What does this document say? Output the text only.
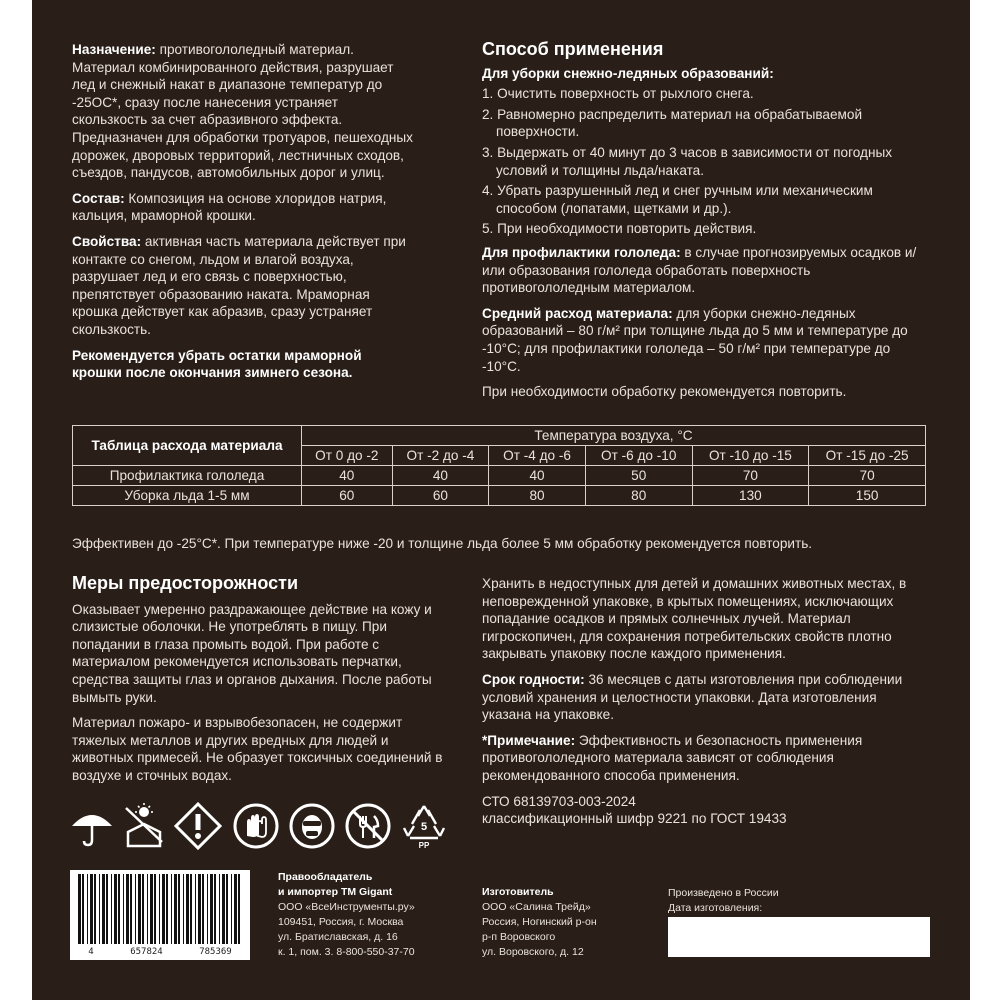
Назначение: противогололедный материал. Материал комбинированного действия, разрушает лед и снежный накат в диапазоне температур до -25ОС*, сразу после нанесения устраняет скользкость за счет абразивного эффекта. Предназначен для обработки тротуаров, пешеходных дорожек, дворовых территорий, лестничных сходов, съездов, пандусов, автомобильных дорог и улиц.

Состав: Композиция на основе хлоридов натрия, кальция, мраморной крошки.

Свойства: активная часть материала действует при контакте со снегом, льдом и влагой воздуха, разрушает лед и его связь с поверхностью, препятствует образованию наката. Мраморная крошка действует как абразив, сразу устраняет скользкость.

Рекомендуется убрать остатки мраморной крошки после окончания зимнего сезона.

Способ применения
Для уборки снежно-ледяных образований:
1. Очистить поверхность от рыхлого снега.
2. Равномерно распределить материал на обрабатываемой поверхности.
3. Выдержать от 40 минут до 3 часов в зависимости от погодных условий и толщины льда/наката.
4. Убрать разрушенный лед и снег ручным или механическим способом (лопатами, щетками и др.).
5. При необходимости повторить действия.

Для профилактики гололеда: в случае прогнозируемых осадков и/или образования гололеда обработать поверхность противогололедным материалом.

Средний расход материала: для уборки снежно-ледяных образований – 80 г/м² при толщине льда до 5 мм и температуре до -10°С; для профилактики гололеда – 50 г/м² при температуре до -10°С.

При необходимости обработку рекомендуется повторить.

Таблица расхода материала	Температура воздуха, °С					
	От 0 до -2	От -2 до -4	От -4 до -6	От -6 до -10	От -10 до -15	От -15 до -25
Профилактика гололеда	40	40	40	50	70	70
Уборка льда 1-5 мм	60	60	80	80	130	150
Эффективен до -25°С*. При температуре ниже -20 и толщине льда более 5 мм обработку рекомендуется повторить.
Меры предосторожности

Оказывает умеренно раздражающее действие на кожу и слизистые оболочки. Не употреблять в пищу. При попадании в глаза промыть водой. При работе с материалом рекомендуется использовать перчатки, средства защиты глаз и органов дыхания. После работы вымыть руки.

Материал пожаро- и взрывобезопасен, не содержит тяжелых металлов и других вредных для людей и животных примесей. Не образует токсичных соединений в воздухе и сточных водах.

Хранить в недоступных для детей и домашних животных местах, в неповрежденной упаковке, в крытых помещениях, исключающих попадание осадков и прямых солнечных лучей. Материал гигроскопичен, для сохранения потребительских свойств плотно закрывать упаковку после каждого применения.

Срок годности: 36 месяцев с даты изготовления при соблюдении условий хранения и целостности упаковки. Дата изготовления указана на упаковке.

*Примечание: Эффективность и безопасность применения противогололедного материала зависят от соблюдения рекомендованного способа применения.

СТО 68139703-003-2024
классификационный шифр 9221 по ГОСТ 19433
5
PP
4	657824	785369
Правообладатель
и импортер ТМ Gigant
ООО «ВсеИнструменты.ру»
109451, Россия, г. Москва
ул. Братиславская, д. 16
к. 1, пом. 3. 8-800-550-37-70
Изготовитель
ООО «Салина Трейд»
Россия, Ногинский р-он
р-п Воровского
ул. Воровского, д. 12
Произведено в России
Дата изготовления:
